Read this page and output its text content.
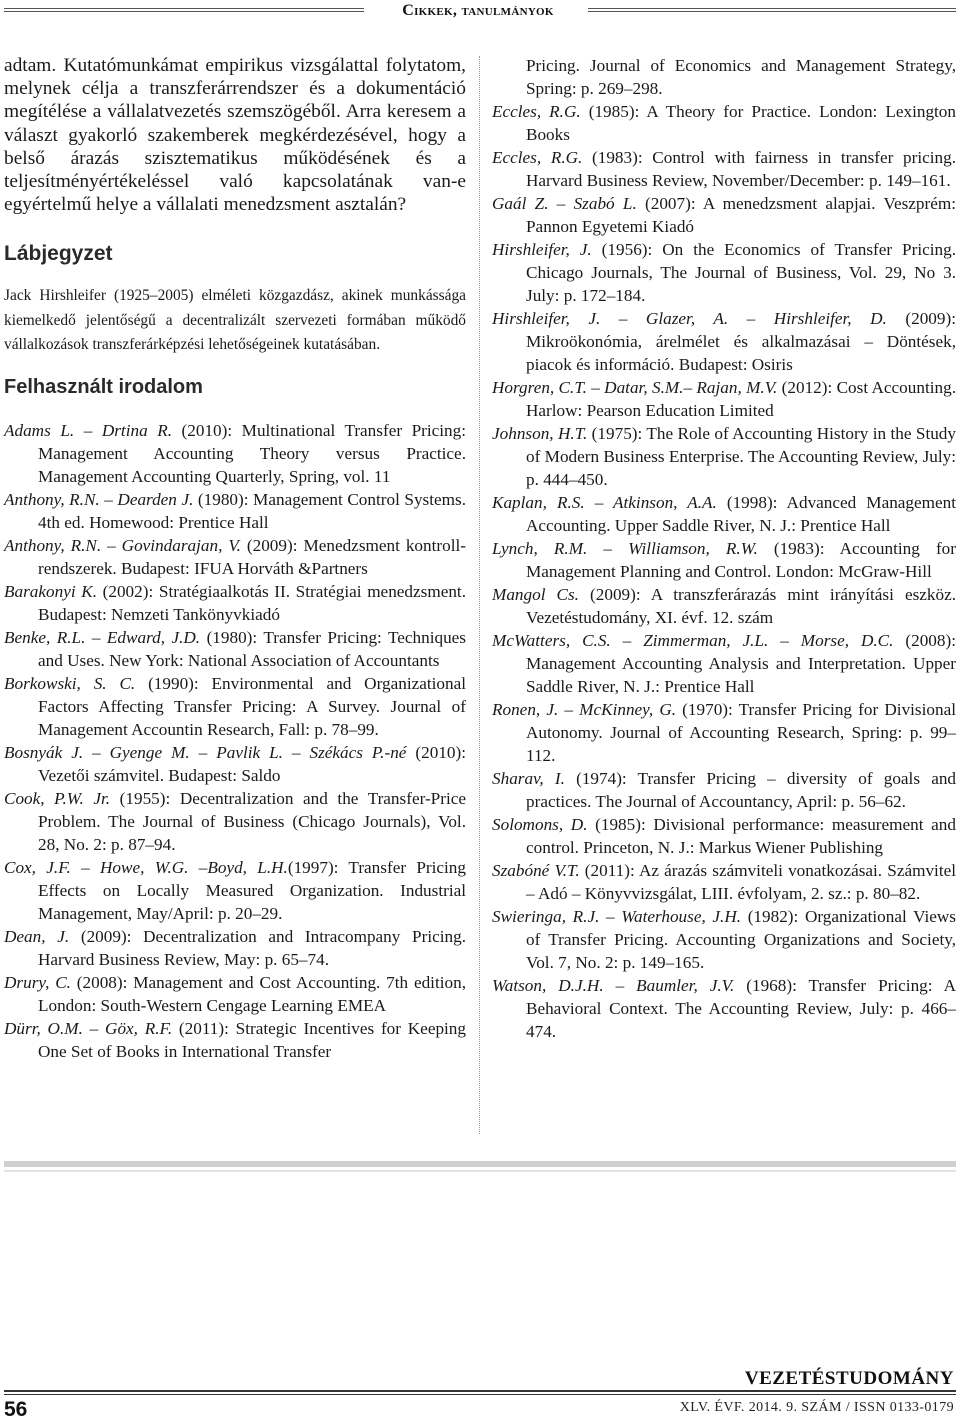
Cikkek, tanulmányok

adtam. Kutatómunkámat empirikus vizsgálattal folytatom, melynek célja a transzferárrendszer és a dokumentáció megítélése a vállalatvezetés szemszögéből. Arra keresem a választ gyakorló szakemberek megkérdezésével, hogy a belső árazás szisztematikus működésének és a teljesítményértékeléssel való kapcsolatának van-e egyértelmű helye a vállalati menedzsment asztalán?

Lábjegyzet

Jack Hirshleifer (1925–2005) elméleti közgazdász, akinek munkássága kiemelkedő jelentőségű a decentralizált szervezeti formában működő vállalkozások transzferárképzési lehetőségeinek kutatásában.

Felhasznált irodalom

Adams L. – Drtina R. (2010): Multinational Transfer Pricing: Management Accounting Theory versus Practice. Management Accounting Quarterly, Spring, vol. 11

Anthony, R.N. – Dearden J. (1980): Management Control Systems. 4th ed. Homewood: Prentice Hall

Anthony, R.N. – Govindarajan, V. (2009): Menedzsment kontroll-rendszerek. Budapest: IFUA Horváth &Partners

Barakonyi K. (2002): Stratégiaalkotás II. Stratégiai menedzsment. Budapest: Nemzeti Tankönyvkiadó

Benke, R.L. – Edward, J.D. (1980): Transfer Pricing: Techniques and Uses. New York: National Association of Accountants

Borkowski, S. C. (1990): Environmental and Organizational Factors Affecting Transfer Pricing: A Survey. Journal of Management Accountin Research, Fall: p. 78–99.

Bosnyák J. – Gyenge M. – Pavlik L. – Székács P.-né (2010): Vezetői számvitel. Budapest: Saldo

Cook, P.W. Jr. (1955): Decentralization and the Transfer-Price Problem. The Journal of Business (Chicago Journals), Vol. 28, No. 2: p. 87–94.

Cox, J.F. – Howe, W.G. –Boyd, L.H.(1997): Transfer Pricing Effects on Locally Measured Organization. Industrial Management, May/April: p. 20–29.

Dean, J. (2009): Decentralization and Intracompany Pricing. Harvard Business Review, May: p. 65–74.

Drury, C. (2008): Management and Cost Accounting. 7th edition, London: South-Western Cengage Learning EMEA

Dürr, O.M. – Göx, R.F. (2011): Strategic Incentives for Keeping One Set of Books in International Transfer

Pricing. Journal of Economics and Management Strategy, Spring: p. 269–298.

Eccles, R.G. (1985): A Theory for Practice. London: Lexington Books

Eccles, R.G. (1983): Control with fairness in transfer pricing. Harvard Business Review, November/December: p. 149–161.

Gaál Z. – Szabó L. (2007): A menedzsment alapjai. Veszprém: Pannon Egyetemi Kiadó

Hirshleifer, J. (1956): On the Economics of Transfer Pricing. Chicago Journals, The Journal of Business, Vol. 29, No 3. July: p. 172–184.

Hirshleifer, J. – Glazer, A. – Hirshleifer, D. (2009): Mikroökonómia, árelmélet és alkalmazásai – Döntések, piacok és információ. Budapest: Osiris

Horgren, C.T. – Datar, S.M.– Rajan, M.V. (2012): Cost Accounting. Harlow: Pearson Education Limited

Johnson, H.T. (1975): The Role of Accounting History in the Study of Modern Business Enterprise. The Accounting Review, July: p. 444–450.

Kaplan, R.S. – Atkinson, A.A. (1998): Advanced Management Accounting. Upper Saddle River, N. J.: Prentice Hall

Lynch, R.M. – Williamson, R.W. (1983): Accounting for Management Planning and Control. London: McGraw-Hill

Mangol Cs. (2009): A transzferárazás mint irányítási eszköz. Vezetéstudomány, XI. évf. 12. szám

McWatters, C.S. – Zimmerman, J.L. – Morse, D.C. (2008): Management Accounting Analysis and Interpretation. Upper Saddle River, N. J.: Prentice Hall

Ronen, J. – McKinney, G. (1970): Transfer Pricing for Divisional Autonomy. Journal of Accounting Research, Spring: p. 99–112.

Sharav, I. (1974): Transfer Pricing – diversity of goals and practices. The Journal of Accountancy, April: p. 56–62.

Solomons, D. (1985): Divisional performance: measurement and control. Princeton, N. J.: Markus Wiener Publishing

Szabóné V.T. (2011): Az árazás számviteli vonatkozásai. Számvitel – Adó – Könyvvizsgálat, LIII. évfolyam, 2. sz.: p. 80–82.

Swieringa, R.J. – Waterhouse, J.H. (1982): Organizational Views of Transfer Pricing. Accounting Organizations and Society, Vol. 7, No. 2: p. 149–165.

Watson, D.J.H. – Baumler, J.V. (1968): Transfer Pricing: A Behavioral Context. The Accounting Review, July: p. 466–474.

VEZETÉSTUDOMÁNY
56	XLV. ÉVF. 2014. 9. SZÁM / ISSN 0133-0179
